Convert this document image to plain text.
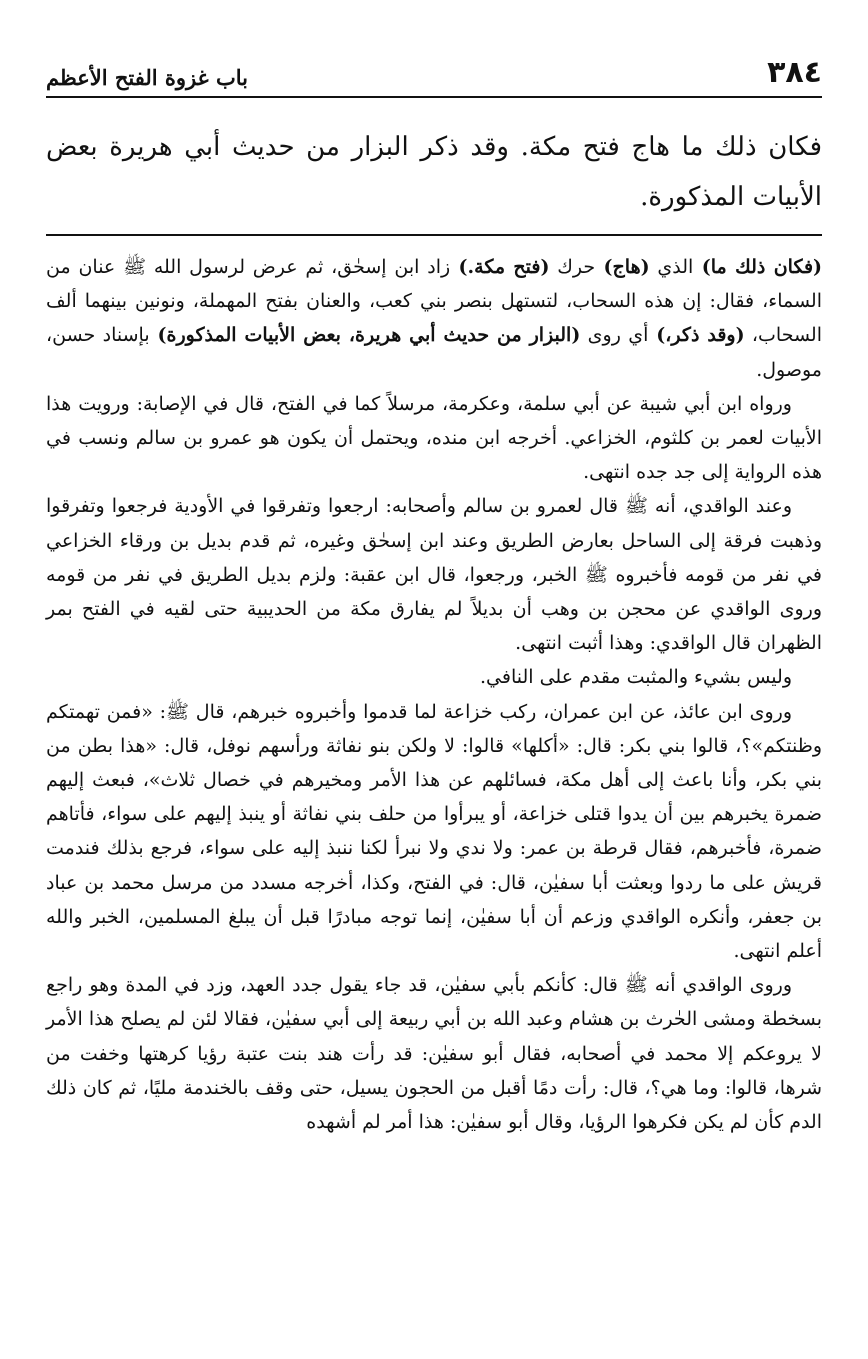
٣٨٤
باب غزوة الفتح الأعظم

فكان ذلك ما هاج فتح مكة. وقد ذكر البزار من حديث أبي هريرة بعض الأبيات المذكورة.

(فكان ذلك ما) الذي (هاج) حرك (فتح مكة.) زاد ابن إسحٰق، ثم عرض لرسول الله ﷺ عنان من السماء، فقال: إن هذه السحاب، لتستهل بنصر بني كعب، والعنان بفتح المهملة، ونونين بينهما ألف السحاب، (وقد ذكر،) أي روى (البزار من حديث أبي هريرة، بعض الأبيات المذكورة) بإسناد حسن، موصول.

ورواه ابن أبي شيبة عن أبي سلمة، وعكرمة، مرسلاً كما في الفتح، قال في الإصابة: ورويت هذا الأبيات لعمر بن كلثوم، الخزاعي. أخرجه ابن منده، ويحتمل أن يكون هو عمرو بن سالم ونسب في هذه الرواية إلى جد جده انتهى.

وعند الواقدي، أنه ﷺ قال لعمرو بن سالم وأصحابه: ارجعوا وتفرقوا في الأودية فرجعوا وتفرقوا وذهبت فرقة إلى الساحل بعارض الطريق وعند ابن إسحٰق وغيره، ثم قدم بديل بن ورقاء الخزاعي في نفر من قومه فأخبروه ﷺ الخبر، ورجعوا، قال ابن عقبة: ولزم بديل الطريق في نفر من قومه وروى الواقدي عن محجن بن وهب أن بديلاً لم يفارق مكة من الحديبية حتى لقيه في الفتح بمر الظهران قال الواقدي: وهذا أثبت انتهى.

وليس بشيء والمثبت مقدم على النافي.

وروى ابن عائذ، عن ابن عمران، ركب خزاعة لما قدموا وأخبروه خبرهم، قال ﷺ: «فمن تهمتكم وظنتكم»؟، قالوا بني بكر: قال: «أكلها» قالوا: لا ولكن بنو نفاثة ورأسهم نوفل، قال: «هذا بطن من بني بكر، وأنا باعث إلى أهل مكة، فسائلهم عن هذا الأمر ومخيرهم في خصال ثلاث»، فبعث إليهم ضمرة يخبرهم بين أن يدوا قتلى خزاعة، أو يبرأوا من حلف بني نفاثة أو ينبذ إليهم على سواء، فأتاهم ضمرة، فأخبرهم، فقال قرطة بن عمر: ولا ندي ولا نبرأ لكنا ننبذ إليه على سواء، فرجع بذلك فندمت قريش على ما ردوا وبعثت أبا سفيٰن، قال: في الفتح، وكذا، أخرجه مسدد من مرسل محمد بن عباد بن جعفر، وأنكره الواقدي وزعم أن أبا سفيٰن، إنما توجه مبادرًا قبل أن يبلغ المسلمين، الخبر والله أعلم انتهى.

وروى الواقدي أنه ﷺ قال: كأنكم بأبي سفيٰن، قد جاء يقول جدد العهد، وزد في المدة وهو راجع بسخطة ومشى الحٰرث بن هشام وعبد الله بن أبي ربيعة إلى أبي سفيٰن، فقالا لئن لم يصلح هذا الأمر لا يروعكم إلا محمد في أصحابه، فقال أبو سفيٰن: قد رأت هند بنت عتبة رؤيا كرهتها وخفت من شرها، قالوا: وما هي؟، قال: رأت دمًا أقبل من الحجون يسيل، حتى وقف بالخندمة مليًا، ثم كان ذلك الدم كأن لم يكن فكرهوا الرؤيا، وقال أبو سفيٰن: هذا أمر لم أشهده
